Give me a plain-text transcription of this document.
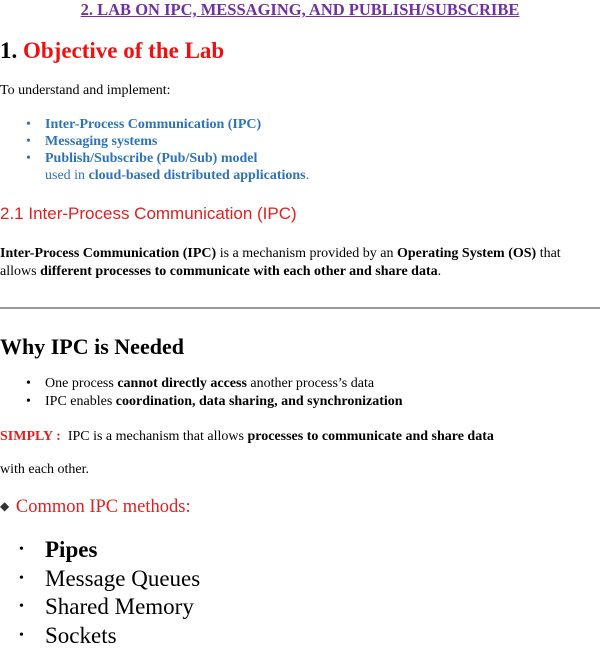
2. LAB ON IPC, MESSAGING, AND PUBLISH/SUBSCRIBE

1. Objective of the Lab

To understand and implement:

• Inter-Process Communication (IPC)
• Messaging systems
• Publish/Subscribe (Pub/Sub) model

used in cloud-based distributed applications.

2.1 Inter-Process Communication (IPC)

Inter-Process Communication (IPC) is a mechanism provided by an Operating System (OS) that
allows different processes to communicate with each other and share data.

Why IPC is Needed

• One process cannot directly access another process’s data
• IPC enables coordination, data sharing, and synchronization

SIMPLY :  IPC is a mechanism that allows processes to communicate and share data

with each other.

◆ Common IPC methods:

• Pipes
• Message Queues
• Shared Memory
• Sockets
